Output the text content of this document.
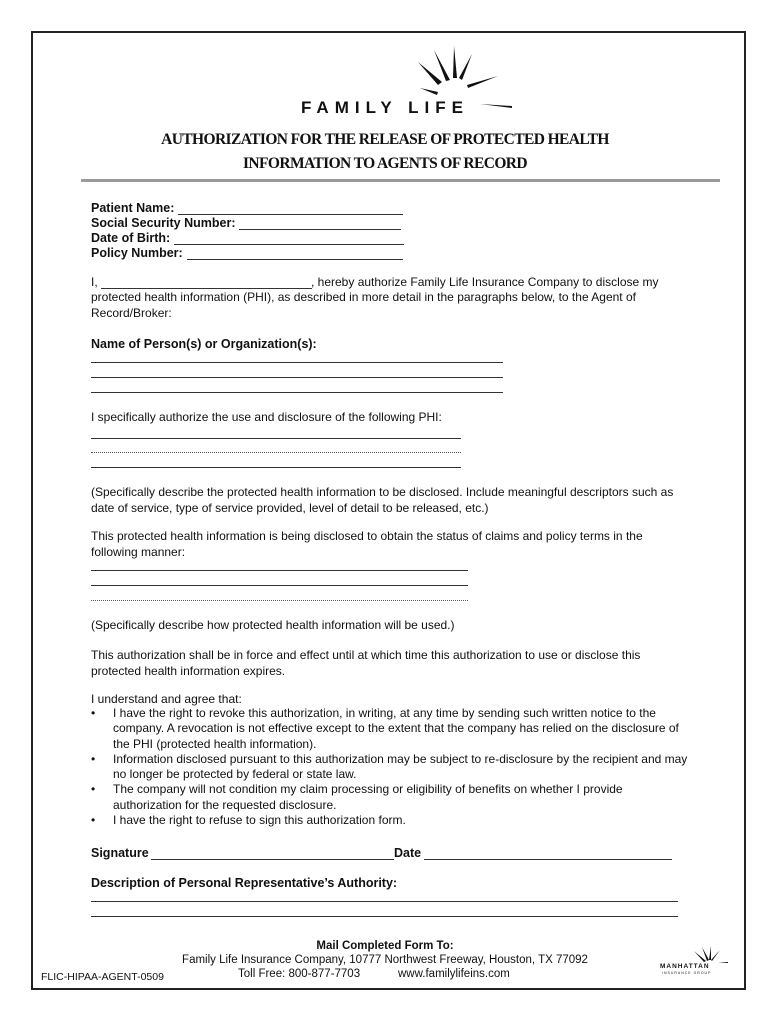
FAMILY LIFE
AUTHORIZATION FOR THE RELEASE OF PROTECTED HEALTH
INFORMATION TO AGENTS OF RECORD
Patient Name:
Social Security Number:
Date of Birth:
Policy Number:
I,	, hereby authorize Family Life Insurance Company to disclose my
protected health information (PHI), as described in more detail in the paragraphs below, to the Agent of Record/Broker:
Name of Person(s) or Organization(s):
I specifically authorize the use and disclosure of the following PHI:
(Specifically describe the protected health information to be disclosed. Include meaningful descriptors such as date of service, type of service provided, level of detail to be released, etc.)
This protected health information is being disclosed to obtain the status of claims and policy terms in the following manner:
(Specifically describe how protected health information will be used.)
This authorization shall be in force and effect until at which time this authorization to use or disclose this protected health information expires.
I understand and agree that:
• I have the right to revoke this authorization, in writing, at any time by sending such written notice to the company. A revocation is not effective except to the extent that the company has relied on the disclosure of the PHI (protected health information).
• Information disclosed pursuant to this authorization may be subject to re-disclosure by the recipient and may no longer be protected by federal or state law.
• The company will not condition my claim processing or eligibility of benefits on whether I provide authorization for the requested disclosure.
• I have the right to refuse to sign this authorization form.
Signature	Date
Description of Personal Representative’s Authority:
Mail Completed Form To:
Family Life Insurance Company, 10777 Northwest Freeway, Houston, TX 77092
Toll Free: 800-877-7703	www.familylifeins.com
FLIC-HIPAA-AGENT-0509
MANHATTAN
INSURANCE GROUP
